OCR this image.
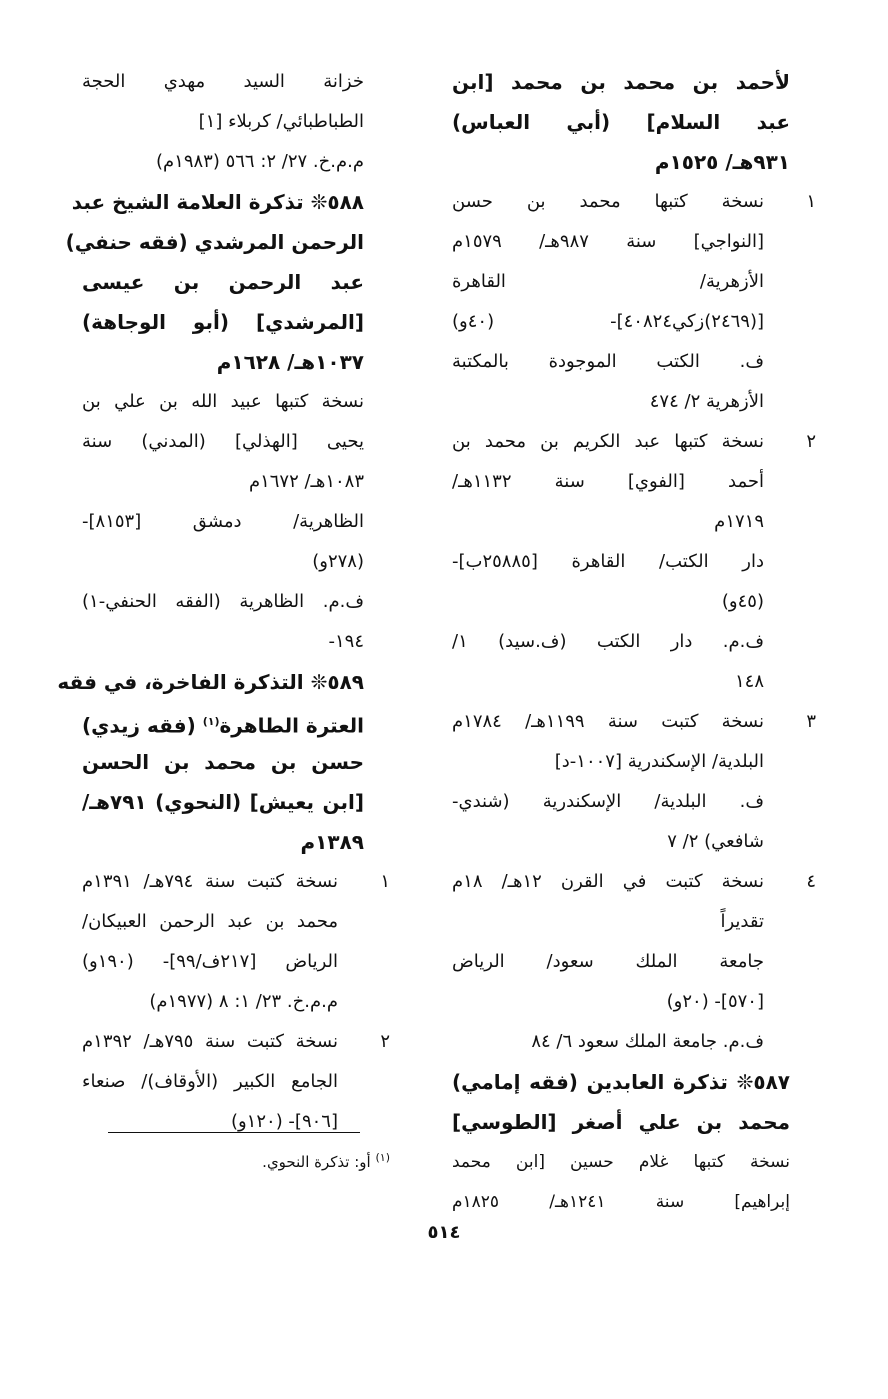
لأحمد بن محمد بن محمد [ابن
عبد السلام] (أبي العباس)
٩٣١هـ/ ١٥٢٥م
١
نسخة كتبها محمد بن حسن
[النواجي] سنة ٩٨٧هـ/ ١٥٧٩م
الأزهرية/ القاهرة
[(٢٤٦٩)زكي٤٠٨٢٤]- (٤٠و)
ف. الكتب الموجودة بالمكتبة
الأزهرية ٢/ ٤٧٤
٢
نسخة كتبها عبد الكريم بن محمد بن
أحمد [الفوي] سنة ١١٣٢هـ/
١٧١٩م
دار الكتب/ القاهرة [٢٥٨٨٥ب]-
(٤٥و)
ف.م. دار الكتب (ف.سيد) ١/
١٤٨
٣
نسخة كتبت سنة ١١٩٩هـ/ ١٧٨٤م
البلدية/ الإسكندرية [١٠٠٧-د]
ف. البلدية/ الإسكندرية (شندي-
شافعي) ٢/ ٧
٤
نسخة كتبت في القرن ١٢هـ/ ١٨م
تقديراً
جامعة الملك سعود/ الرياض
[٥٧٠]- (٢٠و)
ف.م. جامعة الملك سعود ٦/ ٨٤
٥٨٧❊ تذكرة العابدين (فقه إمامي)
محمد بن علي أصغر [الطوسي]
نسخة كتبها غلام حسين [ابن محمد
إبراهيم] سنة ١٢٤١هـ/ ١٨٢٥م
خزانة السيد مهدي الحجة
الطباطبائي/ كربلاء [١]
م.م.خ. ٢٧/ ٢: ٥٦٦ (١٩٨٣م)
٥٨٨❊ تذكرة العلامة الشيخ عبد
الرحمن المرشدي (فقه حنفي)
عبد الرحمن بن عيسى
[المرشدي] (أبو الوجاهة)
١٠٣٧هـ/ ١٦٢٨م
نسخة كتبها عبيد الله بن علي بن
يحيى [الهذلي] (المدني) سنة
١٠٨٣هـ/ ١٦٧٢م
الظاهرية/ دمشق [٨١٥٣]-
(٢٧٨و)
ف.م. الظاهرية (الفقه الحنفي-١)
١٩٤-
٥٨٩❊ التذكرة الفاخرة، في فقه
العترة الطاهرة$^{(١)}$ (فقه زيدي)
حسن بن محمد بن الحسن
[ابن يعيش] (النحوي) ٧٩١هـ/
١٣٨٩م
١
نسخة كتبت سنة ٧٩٤هـ/ ١٣٩١م
محمد بن عبد الرحمن العبيكان/
الرياض [٢١٧ف/٩٩]- (١٩٠و)
م.م.خ. ٢٣/ ١: ٨ (١٩٧٧م)
٢
نسخة كتبت سنة ٧٩٥هـ/ ١٣٩٢م
الجامع الكبير (الأوقاف)/ صنعاء
[٩٠٦]- (١٢٠و)
$^{(١)}$ أو: تذكرة النحوي.
٥١٤
